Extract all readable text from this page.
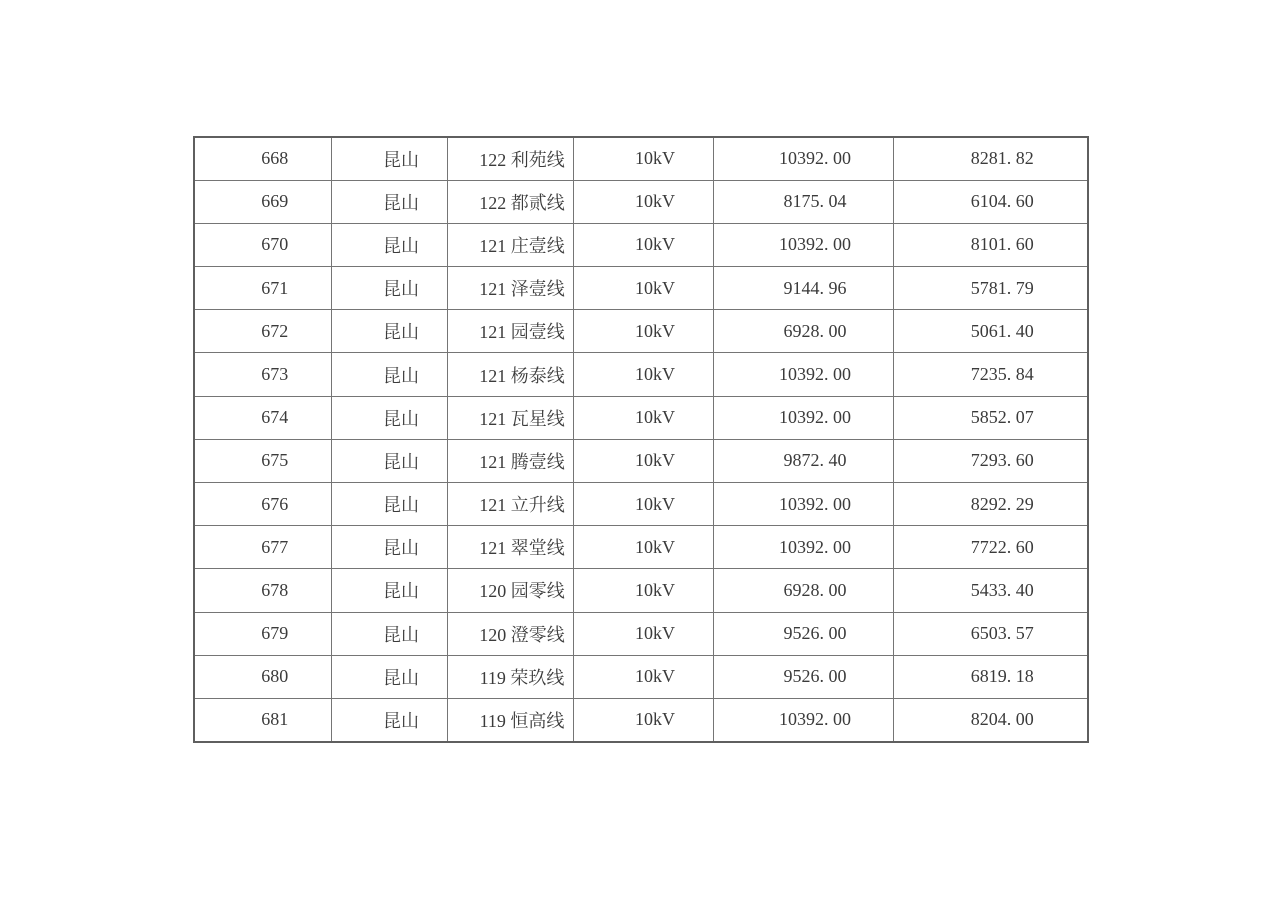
668	昆山	122 利苑线	10kV	10392. 00	8281. 82
669	昆山	122 都贰线	10kV	8175. 04	6104. 60
670	昆山	121 庄壹线	10kV	10392. 00	8101. 60
671	昆山	121 泽壹线	10kV	9144. 96	5781. 79
672	昆山	121 园壹线	10kV	6928. 00	5061. 40
673	昆山	121 杨泰线	10kV	10392. 00	7235. 84
674	昆山	121 瓦星线	10kV	10392. 00	5852. 07
675	昆山	121 腾壹线	10kV	9872. 40	7293. 60
676	昆山	121 立升线	10kV	10392. 00	8292. 29
677	昆山	121 翠堂线	10kV	10392. 00	7722. 60
678	昆山	120 园零线	10kV	6928. 00	5433. 40
679	昆山	120 澄零线	10kV	9526. 00	6503. 57
680	昆山	119 荣玖线	10kV	9526. 00	6819. 18
681	昆山	119 恒高线	10kV	10392. 00	8204. 00
